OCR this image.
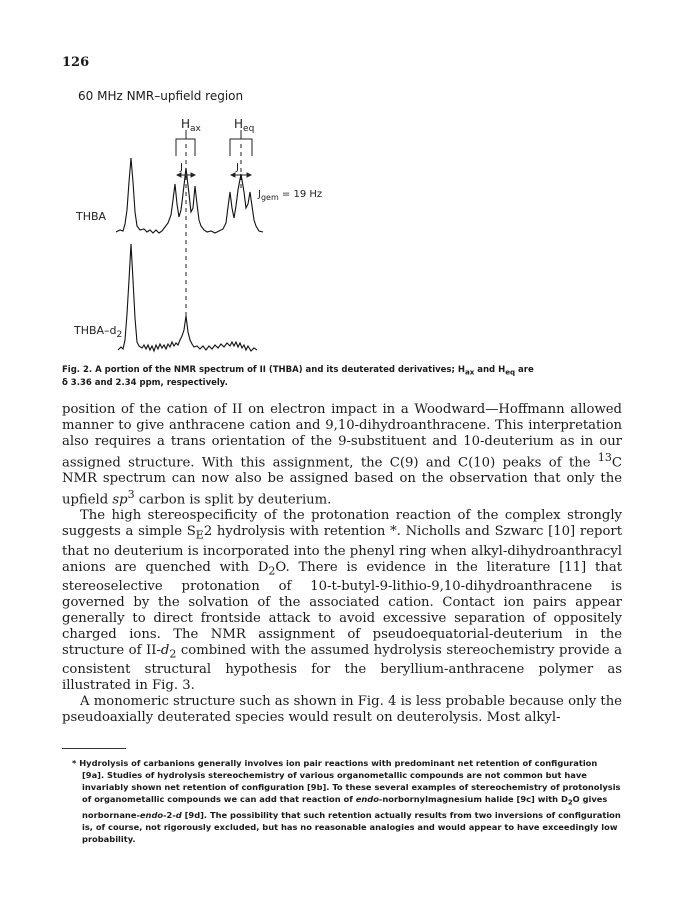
126
60 MHz NMR–upfield region
$H_{ax}$	$H_{eq}$
J	J
$J_{gem} = 19$ Hz
THBA
THBA–$d_2$
Fig. 2. A portion of the NMR spectrum of II (THBA) and its deuterated derivatives; $H_{ax}$ and $H_{eq}$ are
δ 3.36 and 2.34 ppm, respectively.

position of the cation of II on electron impact in a Woodward—Hoffmann allowed manner to give anthracene cation and 9,10-dihydroanthracene. This interpretation also requires a trans orientation of the 9-substituent and 10-deuterium as in our assigned structure. With this assignment, the C(9) and C(10) peaks of the $^{13}$C NMR spectrum can now also be assigned based on the observation that only the upfield $sp^3$ carbon is split by deuterium.

The high stereospecificity of the protonation reaction of the complex strongly suggests a simple $S_E2$ hydrolysis with retention *. Nicholls and Szwarc [10] report that no deuterium is incorporated into the phenyl ring when alkyl-dihydroanthracyl anions are quenched with $D_2O$. There is evidence in the literature [11] that stereoselective protonation of 10-t-butyl-9-lithio-9,10-dihydroanthracene is governed by the solvation of the associated cation. Contact ion pairs appear generally to direct frontside attack to avoid excessive separation of oppositely charged ions. The NMR assignment of pseudoequatorial-deuterium in the structure of $II-d_2$ combined with the assumed hydrolysis stereochemistry provide a consistent structural hypothesis for the beryllium-anthracene polymer as illustrated in Fig. 3.

A monomeric structure such as shown in Fig. 4 is less probable because only the pseudoaxially deuterated species would result on deuterolysis. Most alkyl-

* Hydrolysis of carbanions generally involves ion pair reactions with predominant net retention of configuration [9a]. Studies of hydrolysis stereochemistry of various organometallic compounds are not common but have invariably shown net retention of configuration [9b]. To these several examples of stereochemistry of protonolysis of organometallic compounds we can add that reaction of endo-norbornylmagnesium halide [9c] with $D_2O$ gives norbornane-endo-2-d [9d]. The possibility that such retention actually results from two inversions of configuration is, of course, not rigorously excluded, but has no reasonable analogies and would appear to have exceedingly low probability.
